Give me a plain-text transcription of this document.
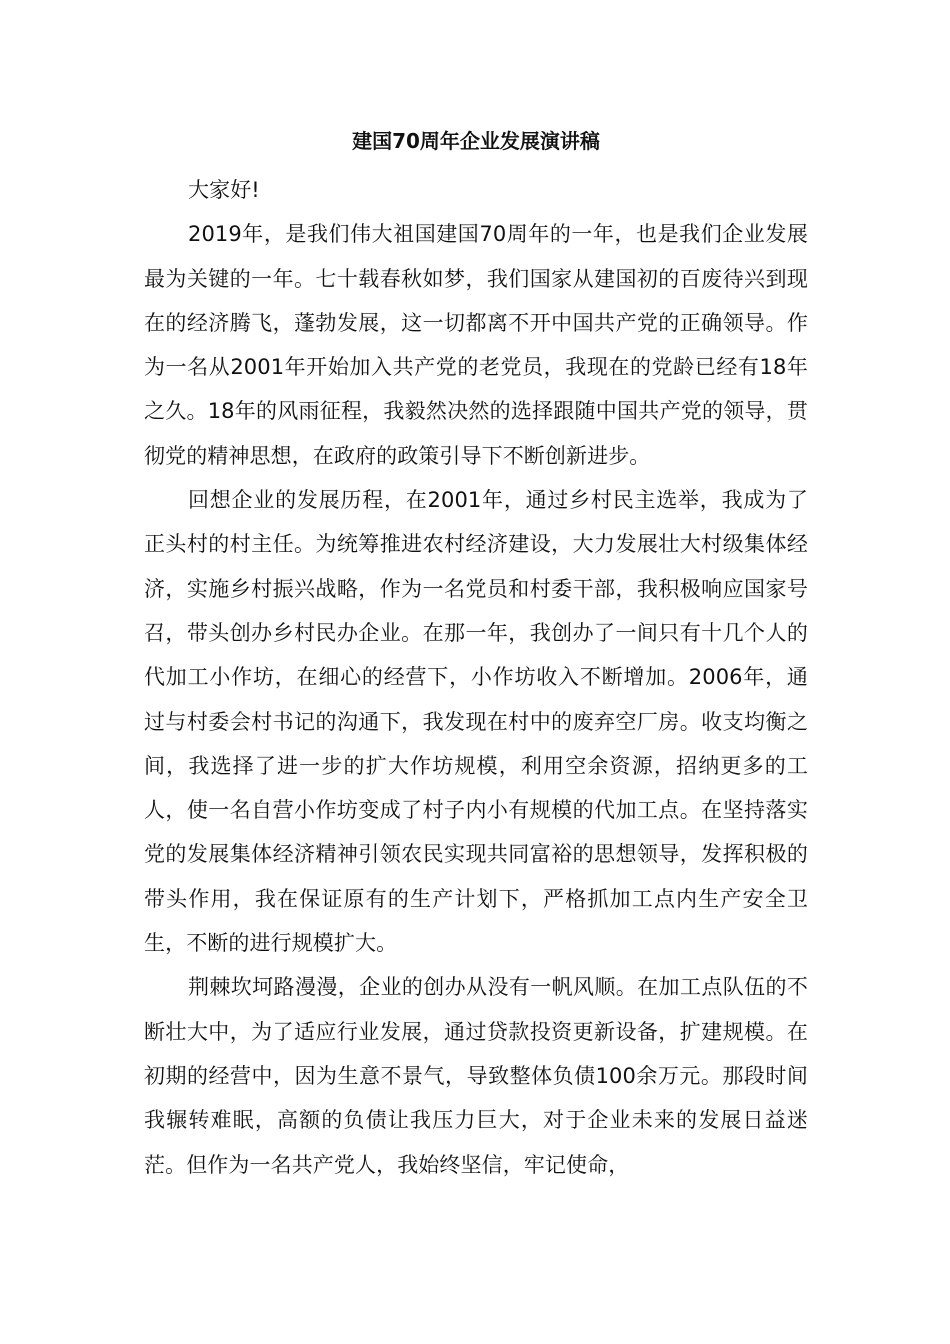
建国70周年企业发展演讲稿

大家好!

2019年，是我们伟大祖国建国70周年的一年，也是我们企业发展最为关键的一年。七十载春秋如梦，我们国家从建国初的百废待兴到现在的经济腾飞，蓬勃发展，这一切都离不开中国共产党的正确领导。作为一名从2001年开始加入共产党的老党员，我现在的党龄已经有18年之久。18年的风雨征程，我毅然决然的选择跟随中国共产党的领导，贯彻党的精神思想，在政府的政策引导下不断创新进步。

回想企业的发展历程，在2001年，通过乡村民主选举，我成为了正头村的村主任。为统筹推进农村经济建设，大力发展壮大村级集体经济，实施乡村振兴战略，作为一名党员和村委干部，我积极响应国家号召，带头创办乡村民办企业。在那一年，我创办了一间只有十几个人的代加工小作坊，在细心的经营下，小作坊收入不断增加。2006年，通过与村委会村书记的沟通下，我发现在村中的废弃空厂房。收支均衡之间，我选择了进一步的扩大作坊规模，利用空余资源，招纳更多的工人，使一名自营小作坊变成了村子内小有规模的代加工点。在坚持落实党的发展集体经济精神引领农民实现共同富裕的思想领导，发挥积极的带头作用，我在保证原有的生产计划下，严格抓加工点内生产安全卫生，不断的进行规模扩大。

荆棘坎坷路漫漫，企业的创办从没有一帆风顺。在加工点队伍的不断壮大中，为了适应行业发展，通过贷款投资更新设备，扩建规模。在初期的经营中，因为生意不景气，导致整体负债100余万元。那段时间我辗转难眠，高额的负债让我压力巨大，对于企业未来的发展日益迷茫。但作为一名共产党人，我始终坚信，牢记使命，
